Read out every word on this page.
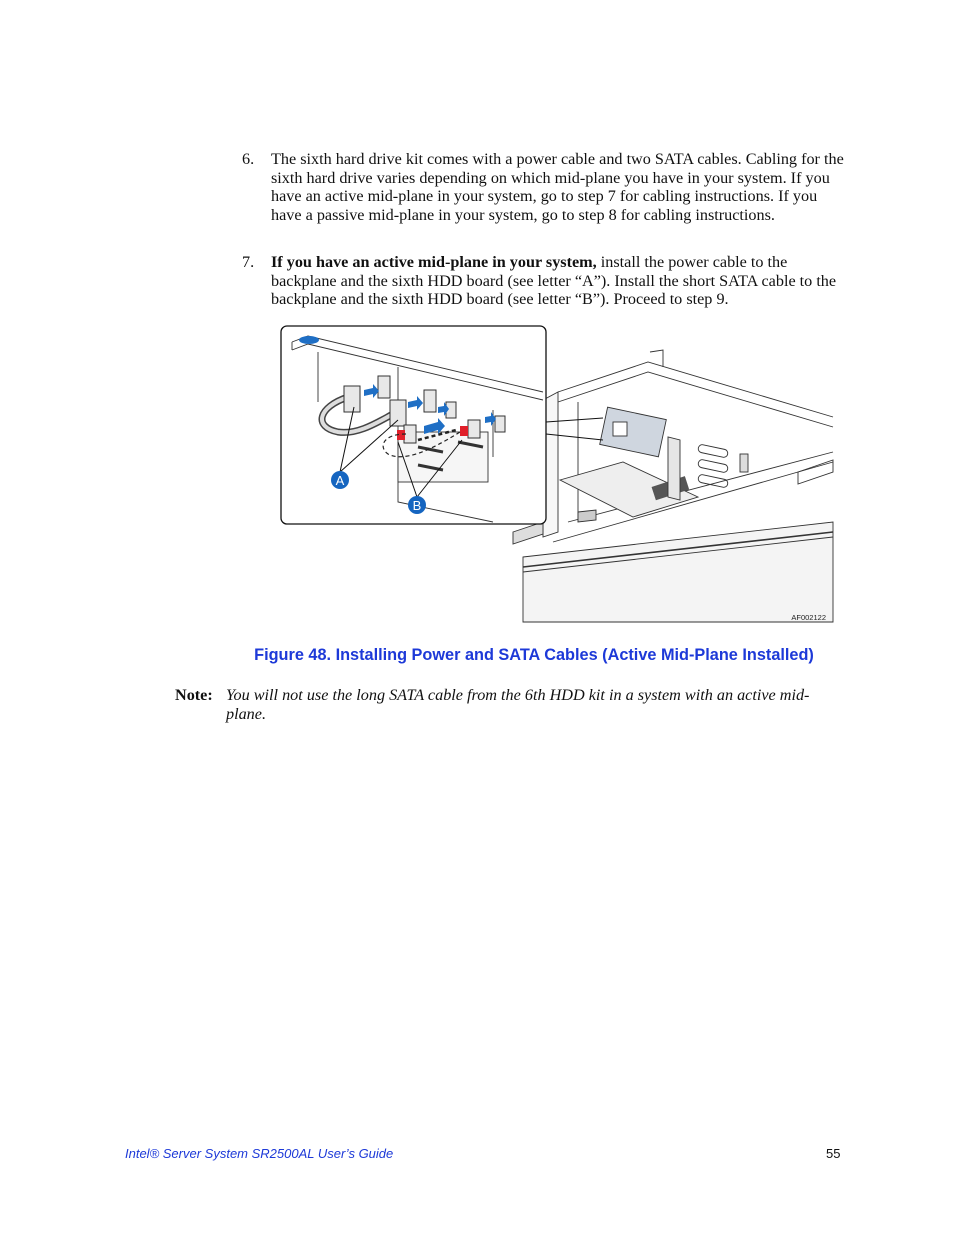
6. The sixth hard drive kit comes with a power cable and two SATA cables. Cabling for the sixth hard drive varies depending on which mid-plane you have in your system. If you have an active mid-plane in your system, go to step 7 for cabling instructions. If you have a passive mid-plane in your system, go to step 8 for cabling instructions.
7. If you have an active mid-plane in your system, install the power cable to the backplane and the sixth HDD board (see letter “A”). Install the short SATA cable to the backplane and the sixth HDD board (see letter “B”). Proceed to step 9.
A
B
AF002122
Figure 48. Installing Power and SATA Cables (Active Mid-Plane Installed)
Note: You will not use the long SATA cable from the 6th HDD kit in a system with an active mid-plane.
Intel® Server System SR2500AL User’s Guide	55
